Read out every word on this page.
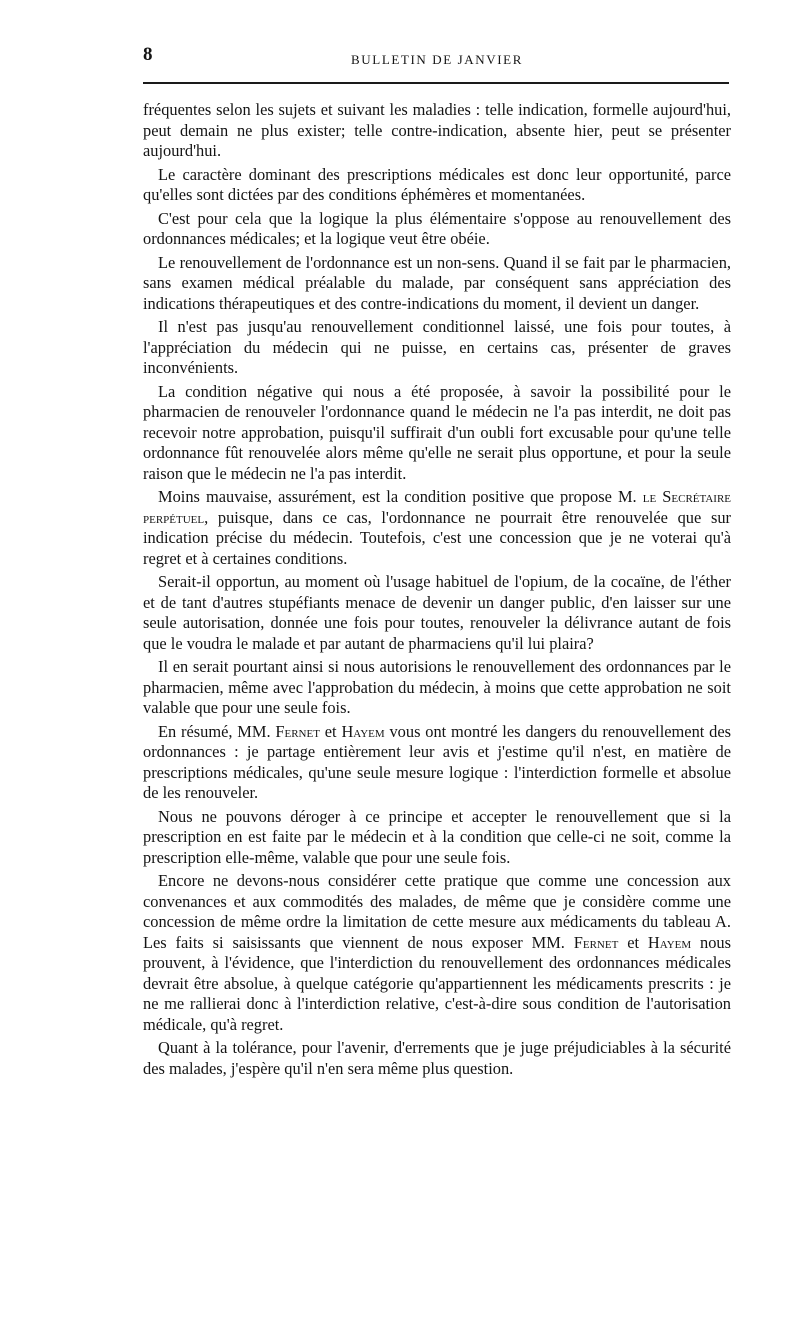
8	BULLETIN DE JANVIER

fréquentes selon les sujets et suivant les maladies : telle indication, formelle aujourd'hui, peut demain ne plus exister; telle contre-indication, absente hier, peut se présenter aujourd'hui.

Le caractère dominant des prescriptions médicales est donc leur opportunité, parce qu'elles sont dictées par des conditions éphémères et momentanées.

C'est pour cela que la logique la plus élémentaire s'oppose au renouvellement des ordonnances médicales; et la logique veut être obéie.

Le renouvellement de l'ordonnance est un non-sens. Quand il se fait par le pharmacien, sans examen médical préalable du malade, par conséquent sans appréciation des indications thérapeutiques et des contre-indications du moment, il devient un danger.

Il n'est pas jusqu'au renouvellement conditionnel laissé, une fois pour toutes, à l'appréciation du médecin qui ne puisse, en certains cas, présenter de graves inconvénients.

La condition négative qui nous a été proposée, à savoir la possibilité pour le pharmacien de renouveler l'ordonnance quand le médecin ne l'a pas interdit, ne doit pas recevoir notre approbation, puisqu'il suffirait d'un oubli fort excusable pour qu'une telle ordonnance fût renouvelée alors même qu'elle ne serait plus opportune, et pour la seule raison que le médecin ne l'a pas interdit.

Moins mauvaise, assurément, est la condition positive que propose M. le Secrétaire perpétuel, puisque, dans ce cas, l'ordonnance ne pourrait être renouvelée que sur indication précise du médecin. Toutefois, c'est une concession que je ne voterai qu'à regret et à certaines conditions.

Serait-il opportun, au moment où l'usage habituel de l'opium, de la cocaïne, de l'éther et de tant d'autres stupéfiants menace de devenir un danger public, d'en laisser sur une seule autorisation, donnée une fois pour toutes, renouveler la délivrance autant de fois que le voudra le malade et par autant de pharmaciens qu'il lui plaira?

Il en serait pourtant ainsi si nous autorisions le renouvellement des ordonnances par le pharmacien, même avec l'approbation du médecin, à moins que cette approbation ne soit valable que pour une seule fois.

En résumé, MM. Fernet et Hayem vous ont montré les dangers du renouvellement des ordonnances : je partage entièrement leur avis et j'estime qu'il n'est, en matière de prescriptions médicales, qu'une seule mesure logique : l'interdiction formelle et absolue de les renouveler.

Nous ne pouvons déroger à ce principe et accepter le renouvellement que si la prescription en est faite par le médecin et à la condition que celle-ci ne soit, comme la prescription elle-même, valable que pour une seule fois.

Encore ne devons-nous considérer cette pratique que comme une concession aux convenances et aux commodités des malades, de même que je considère comme une concession de même ordre la limitation de cette mesure aux médicaments du tableau A. Les faits si saisissants que viennent de nous exposer MM. Fernet et Hayem nous prouvent, à l'évidence, que l'interdiction du renouvellement des ordonnances médicales devrait être absolue, à quelque catégorie qu'appartiennent les médicaments prescrits : je ne me rallierai donc à l'interdiction relative, c'est-à-dire sous condition de l'autorisation médicale, qu'à regret.

Quant à la tolérance, pour l'avenir, d'errements que je juge préjudiciables à la sécurité des malades, j'espère qu'il n'en sera même plus question.
